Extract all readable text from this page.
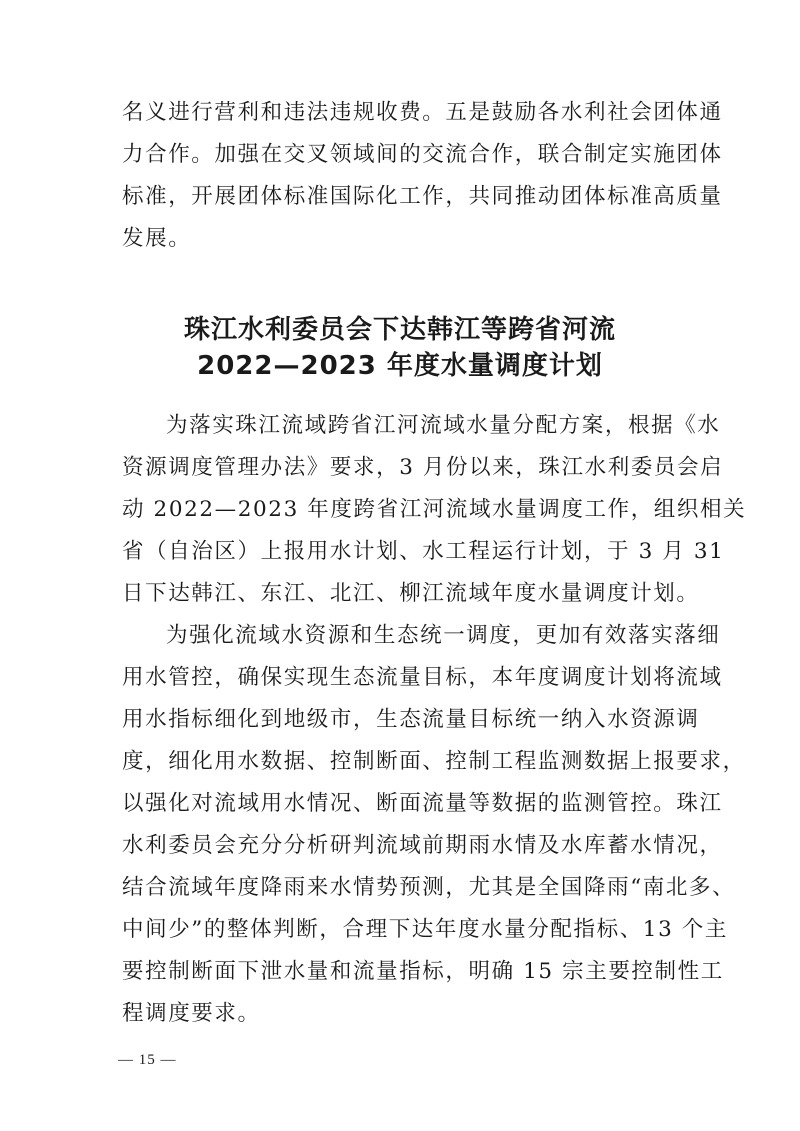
名义进行营利和违法违规收费。五是鼓励各水利社会团体通
力合作。加强在交叉领域间的交流合作，联合制定实施团体
标准，开展团体标准国际化工作，共同推动团体标准高质量
发展。
珠江水利委员会下达韩江等跨省河流
2022—2023 年度水量调度计划
为落实珠江流域跨省江河流域水量分配方案，根据《水
资源调度管理办法》要求，3 月份以来，珠江水利委员会启
动 2022—2023 年度跨省江河流域水量调度工作，组织相关
省（自治区）上报用水计划、水工程运行计划，于 3 月 31
日下达韩江、东江、北江、柳江流域年度水量调度计划。
为强化流域水资源和生态统一调度，更加有效落实落细
用水管控，确保实现生态流量目标，本年度调度计划将流域
用水指标细化到地级市，生态流量目标统一纳入水资源调
度，细化用水数据、控制断面、控制工程监测数据上报要求，
以强化对流域用水情况、断面流量等数据的监测管控。珠江
水利委员会充分分析研判流域前期雨水情及水库蓄水情况，
结合流域年度降雨来水情势预测，尤其是全国降雨“南北多、
中间少”的整体判断，合理下达年度水量分配指标、13 个主
要控制断面下泄水量和流量指标，明确 15 宗主要控制性工
程调度要求。
— 15 —
